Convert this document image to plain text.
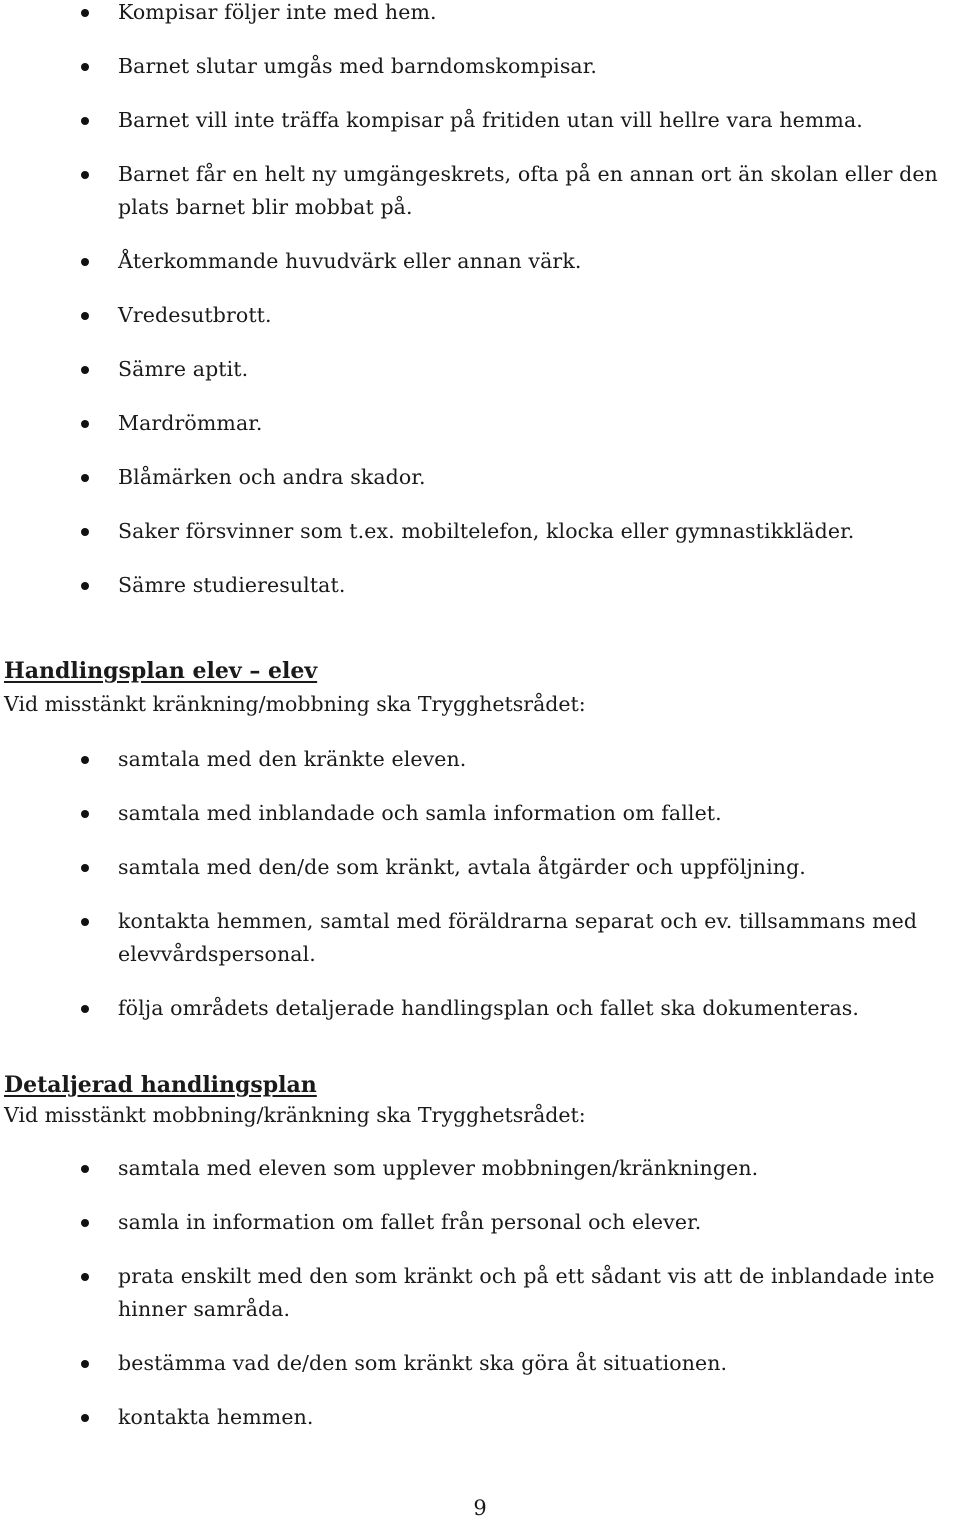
Kompisar följer inte med hem.
Barnet slutar umgås med barndomskompisar.
Barnet vill inte träffa kompisar på fritiden utan vill hellre vara hemma.
Barnet får en helt ny umgängeskrets, ofta på en annan ort än skolan eller den plats barnet blir mobbat på.
Återkommande huvudvärk eller annan värk.
Vredesutbrott.
Sämre aptit.
Mardrömmar.
Blåmärken och andra skador.
Saker försvinner som t.ex. mobiltelefon, klocka eller gymnastikkläder.
Sämre studieresultat.
Handlingsplan elev – elev
Vid misstänkt kränkning/mobbning ska Trygghetsrådet:
samtala med den kränkte eleven.
samtala med inblandade och samla information om fallet.
samtala med den/de som kränkt, avtala åtgärder och uppföljning.
kontakta hemmen, samtal med föräldrarna separat och ev. tillsammans med elevvårdspersonal.
följa områdets detaljerade handlingsplan och fallet ska dokumenteras.
Detaljerad handlingsplan
Vid misstänkt mobbning/kränkning ska Trygghetsrådet:
samtala med eleven som upplever mobbningen/kränkningen.
samla in information om fallet från personal och elever.
prata enskilt med den som kränkt och på ett sådant vis att de inblandade inte hinner samråda.
bestämma vad de/den som kränkt ska göra åt situationen.
kontakta hemmen.
9
